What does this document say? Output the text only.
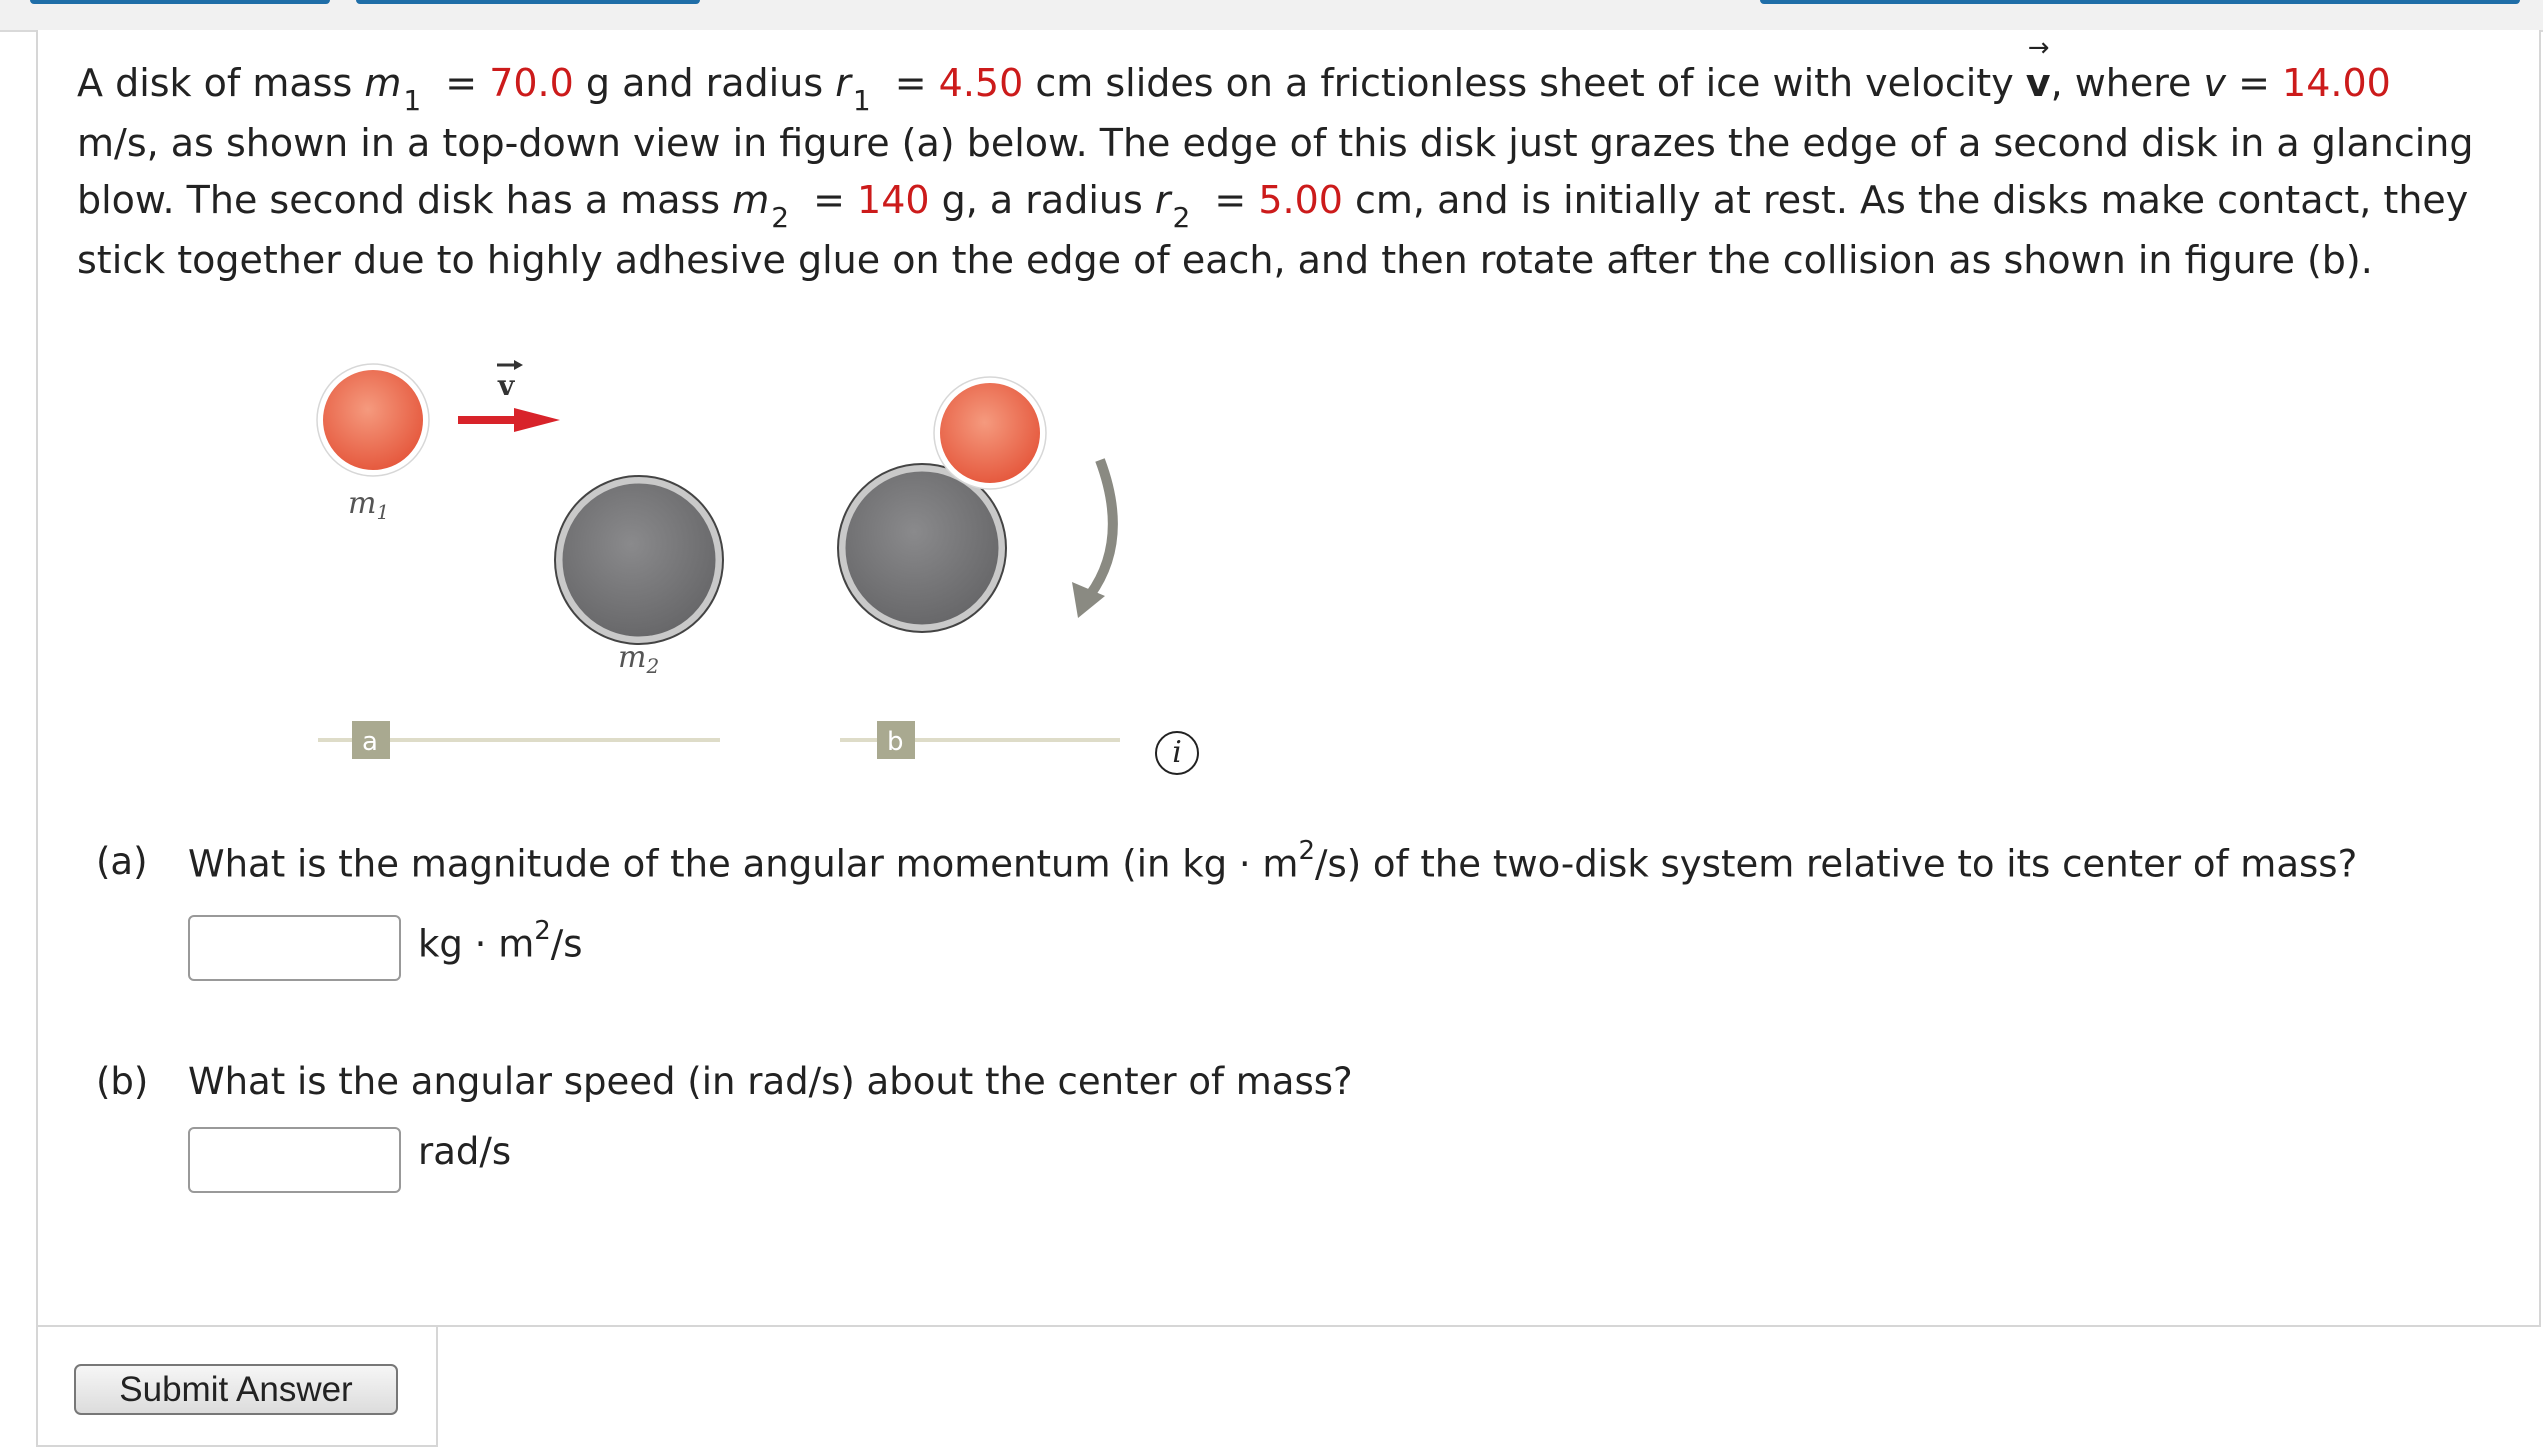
A disk of mass $m_1 = 70.0$ g and radius $r_1 = 4.50$ cm slides on a frictionless sheet of ice with velocity
→
v, where v = 14.00 m/s, as shown in a top-down view in figure (a) below. The edge of this disk just grazes the edge of a second disk in a glancing blow. The second disk has a mass $m_2 = 140$ g, a radius $r_2 = 5.00$ cm, and is initially at rest. As the disks make contact, they stick together due to highly adhesive glue on the edge of each, and then rotate after the collision as shown in figure (b).
$m_1$
v
$m_2$
a	b	i
(a) What is the magnitude of the angular momentum (in kg · $m^2/s$) of the two-disk system relative to its center of mass?
kg · $m^2/s$
(b) What is the angular speed (in rad/s) about the center of mass?
rad/s
Submit Answer
